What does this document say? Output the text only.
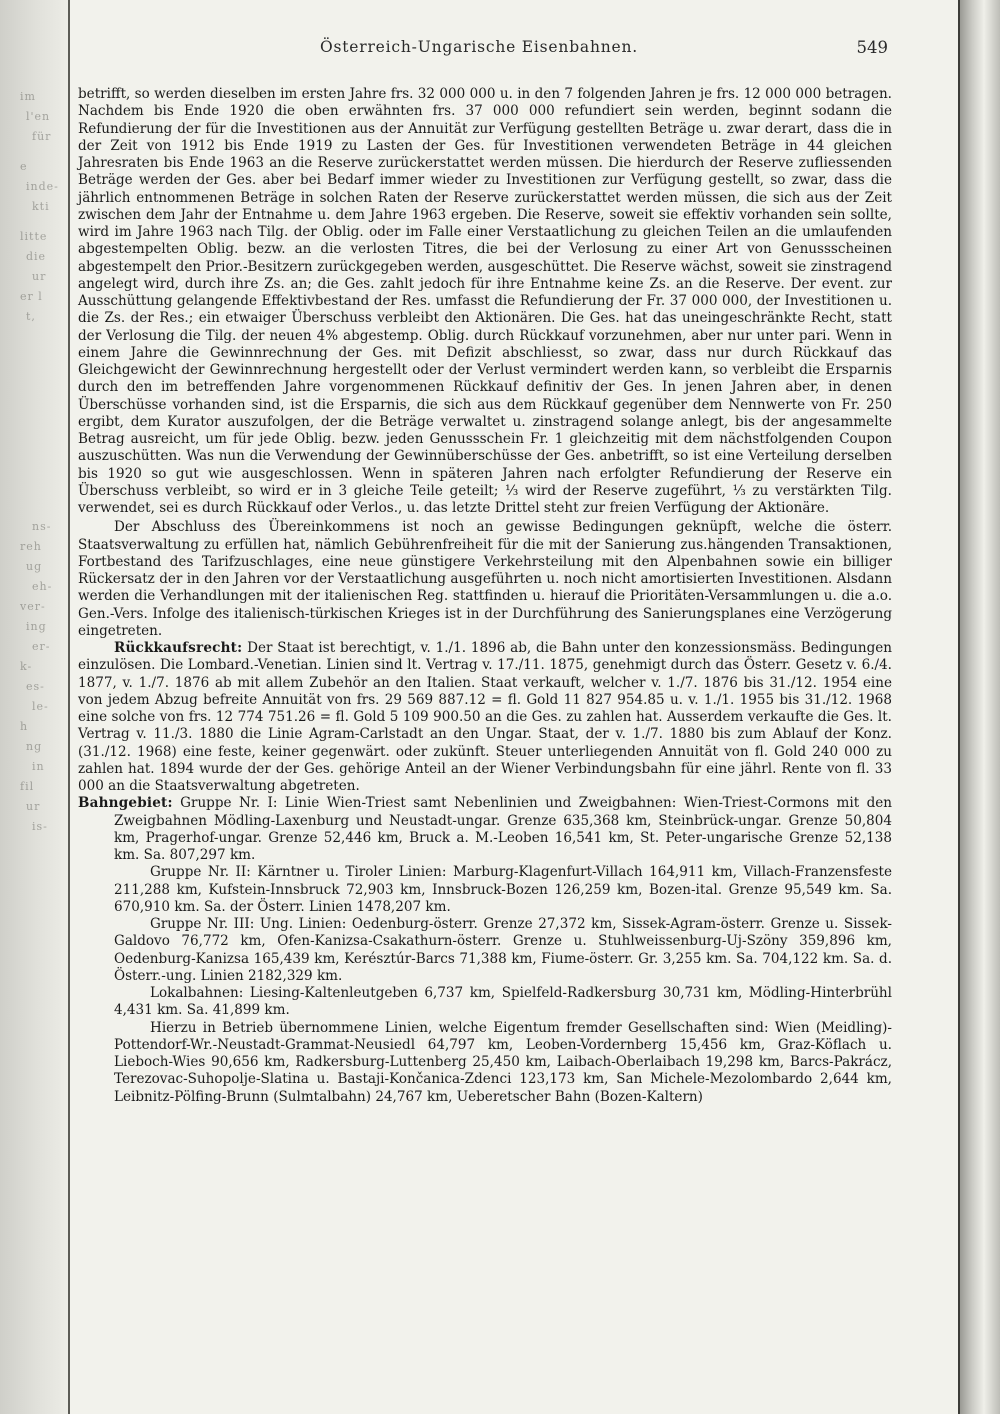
im
l'en
für
e
inde-
kti
litte
die
ur
er l
t,
ns-
reh
ug
eh-
ver-
ing
er-
k-
es-
le-
h
ng
in
fil
ur
is-
Österreich-Ungarische Eisenbahnen.	549

betrifft, so werden dieselben im ersten Jahre frs. 32 000 000 u. in den 7 folgenden Jahren je frs. 12 000 000 betragen. Nachdem bis Ende 1920 die oben erwähnten frs. 37 000 000 refundiert sein werden, beginnt sodann die Refundierung der für die Investitionen aus der Annuität zur Verfügung gestellten Beträge u. zwar derart, dass die in der Zeit von 1912 bis Ende 1919 zu Lasten der Ges. für Investitionen verwendeten Beträge in 44 gleichen Jahresraten bis Ende 1963 an die Reserve zurückerstattet werden müssen. Die hierdurch der Reserve zufliessenden Beträge werden der Ges. aber bei Bedarf immer wieder zu Investitionen zur Verfügung gestellt, so zwar, dass die jährlich entnommenen Beträge in solchen Raten der Reserve zurückerstattet werden müssen, die sich aus der Zeit zwischen dem Jahr der Entnahme u. dem Jahre 1963 ergeben. Die Reserve, soweit sie effektiv vorhanden sein sollte, wird im Jahre 1963 nach Tilg. der Oblig. oder im Falle einer Verstaatlichung zu gleichen Teilen an die umlaufenden abgestempelten Oblig. bezw. an die verlosten Titres, die bei der Verlosung zu einer Art von Genussscheinen abgestempelt den Prior.-Besitzern zurückgegeben werden, ausgeschüttet. Die Reserve wächst, soweit sie zinstragend angelegt wird, durch ihre Zs. an; die Ges. zahlt jedoch für ihre Entnahme keine Zs. an die Reserve. Der event. zur Ausschüttung gelangende Effektivbestand der Res. umfasst die Refundierung der Fr. 37 000 000, der Investitionen u. die Zs. der Res.; ein etwaiger Überschuss verbleibt den Aktionären. Die Ges. hat das uneingeschränkte Recht, statt der Verlosung die Tilg. der neuen 4% abgestemp. Oblig. durch Rückkauf vorzunehmen, aber nur unter pari. Wenn in einem Jahre die Gewinnrechnung der Ges. mit Defizit abschliesst, so zwar, dass nur durch Rückkauf das Gleichgewicht der Gewinnrechnung hergestellt oder der Verlust vermindert werden kann, so verbleibt die Ersparnis durch den im betreffenden Jahre vorgenommenen Rückkauf definitiv der Ges. In jenen Jahren aber, in denen Überschüsse vorhanden sind, ist die Ersparnis, die sich aus dem Rückkauf gegenüber dem Nennwerte von Fr. 250 ergibt, dem Kurator auszufolgen, der die Beträge verwaltet u. zinstragend solange anlegt, bis der angesammelte Betrag ausreicht, um für jede Oblig. bezw. jeden Genussschein Fr. 1 gleichzeitig mit dem nächstfolgenden Coupon auszuschütten. Was nun die Verwendung der Gewinnüberschüsse der Ges. anbetrifft, so ist eine Verteilung derselben bis 1920 so gut wie ausgeschlossen. Wenn in späteren Jahren nach erfolgter Refundierung der Reserve ein Überschuss verbleibt, so wird er in 3 gleiche Teile geteilt; ⅓ wird der Reserve zugeführt, ⅓ zu verstärkten Tilg. verwendet, sei es durch Rückkauf oder Verlos., u. das letzte Drittel steht zur freien Verfügung der Aktionäre.

Der Abschluss des Übereinkommens ist noch an gewisse Bedingungen geknüpft, welche die österr. Staatsverwaltung zu erfüllen hat, nämlich Gebührenfreiheit für die mit der Sanierung zus.hängenden Transaktionen, Fortbestand des Tarifzuschlages, eine neue günstigere Verkehrsteilung mit den Alpenbahnen sowie ein billiger Rückersatz der in den Jahren vor der Verstaatlichung ausgeführten u. noch nicht amortisierten Investitionen. Alsdann werden die Verhandlungen mit der italienischen Reg. stattfinden u. hierauf die Prioritäten-Versammlungen u. die a.o. Gen.-Vers. Infolge des italienisch-türkischen Krieges ist in der Durchführung des Sanierungsplanes eine Verzögerung eingetreten.

Rückkaufsrecht: Der Staat ist berechtigt, v. 1./1. 1896 ab, die Bahn unter den konzessionsmäss. Bedingungen einzulösen. Die Lombard.-Venetian. Linien sind lt. Vertrag v. 17./11. 1875, genehmigt durch das Österr. Gesetz v. 6./4. 1877, v. 1./7. 1876 ab mit allem Zubehör an den Italien. Staat verkauft, welcher v. 1./7. 1876 bis 31./12. 1954 eine von jedem Abzug befreite Annuität von frs. 29 569 887.12 = fl. Gold 11 827 954.85 u. v. 1./1. 1955 bis 31./12. 1968 eine solche von frs. 12 774 751.26 = fl. Gold 5 109 900.50 an die Ges. zu zahlen hat. Ausserdem verkaufte die Ges. lt. Vertrag v. 11./3. 1880 die Linie Agram-Carlstadt an den Ungar. Staat, der v. 1./7. 1880 bis zum Ablauf der Konz. (31./12. 1968) eine feste, keiner gegenwärt. oder zukünft. Steuer unterliegenden Annuität von fl. Gold 240 000 zu zahlen hat. 1894 wurde der der Ges. gehörige Anteil an der Wiener Verbindungsbahn für eine jährl. Rente von fl. 33 000 an die Staatsverwaltung abgetreten.

Bahngebiet: Gruppe Nr. I: Linie Wien-Triest samt Nebenlinien und Zweigbahnen: Wien-Triest-Cormons mit den Zweigbahnen Mödling-Laxenburg und Neustadt-ungar. Grenze 635,368 km, Steinbrück-ungar. Grenze 50,804 km, Pragerhof-ungar. Grenze 52,446 km, Bruck a. M.-Leoben 16,541 km, St. Peter-ungarische Grenze 52,138 km. Sa. 807,297 km.

Gruppe Nr. II: Kärntner u. Tiroler Linien: Marburg-Klagenfurt-Villach 164,911 km, Villach-Franzensfeste 211,288 km, Kufstein-Innsbruck 72,903 km, Innsbruck-Bozen 126,259 km, Bozen-ital. Grenze 95,549 km. Sa. 670,910 km. Sa. der Österr. Linien 1478,207 km.

Gruppe Nr. III: Ung. Linien: Oedenburg-österr. Grenze 27,372 km, Sissek-Agram-österr. Grenze u. Sissek-Galdovo 76,772 km, Ofen-Kanizsa-Csakathurn-österr. Grenze u. Stuhlweissenburg-Uj-Szöny 359,896 km, Oedenburg-Kanizsa 165,439 km, Kerésztúr-Barcs 71,388 km, Fiume-österr. Gr. 3,255 km. Sa. 704,122 km. Sa. d. Österr.-ung. Linien 2182,329 km.

Lokalbahnen: Liesing-Kaltenleutgeben 6,737 km, Spielfeld-Radkersburg 30,731 km, Mödling-Hinterbrühl 4,431 km. Sa. 41,899 km.

Hierzu in Betrieb übernommene Linien, welche Eigentum fremder Gesellschaften sind: Wien (Meidling)-Pottendorf-Wr.-Neustadt-Grammat-Neusiedl 64,797 km, Leoben-Vordernberg 15,456 km, Graz-Köflach u. Lieboch-Wies 90,656 km, Radkersburg-Luttenberg 25,450 km, Laibach-Oberlaibach 19,298 km, Barcs-Pakrácz, Terezovac-Suhopolje-Slatina u. Bastaji-Končanica-Zdenci 123,173 km, San Michele-Mezolombardo 2,644 km, Leibnitz-Pölfing-Brunn (Sulmtalbahn) 24,767 km, Ueberetscher Bahn (Bozen-Kaltern)
